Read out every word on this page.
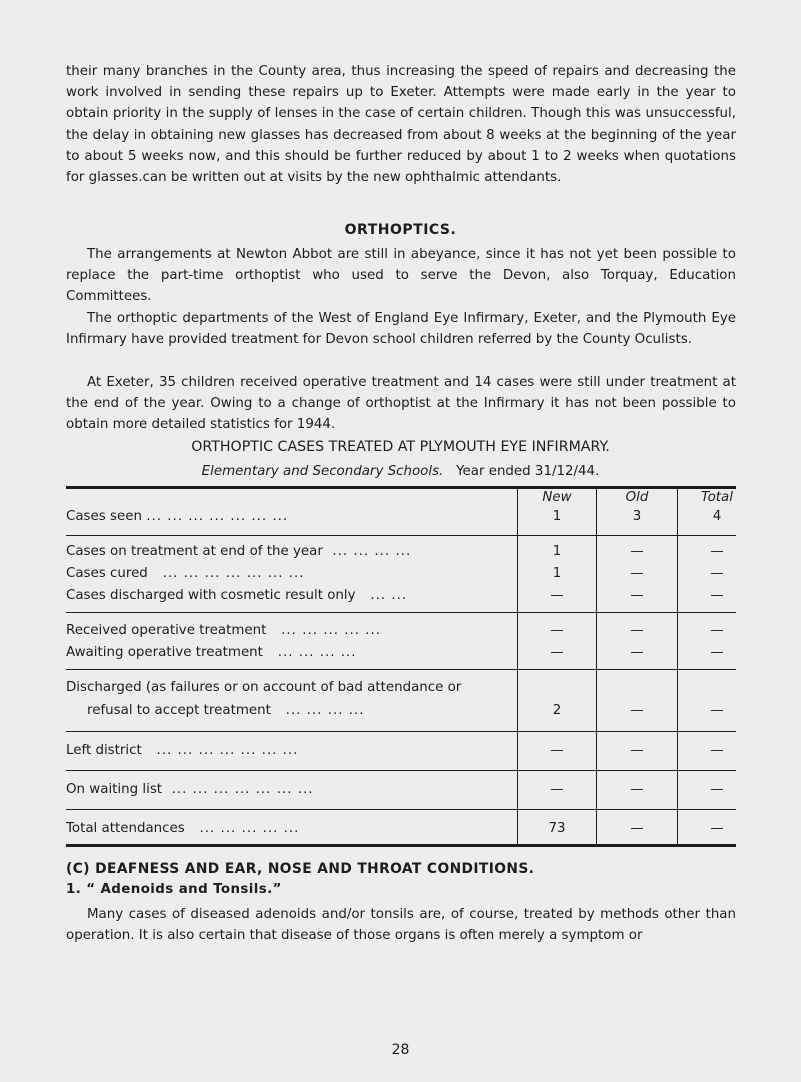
their many branches in the County area, thus increasing the speed of repairs and decreasing the work involved in sending these repairs up to Exeter. Attempts were made early in the year to obtain priority in the supply of lenses in the case of certain children. Though this was unsuccessful, the delay in obtaining new glasses has decreased from about 8 weeks at the beginning of the year to about 5 weeks now, and this should be further reduced by about 1 to 2 weeks when quotations for glasses.can be written out at visits by the new ophthalmic attendants.

ORTHOPTICS.

The arrangements at Newton Abbot are still in abeyance, since it has not yet been possible to replace the part-time orthoptist who used to serve the Devon, also Torquay, Education Committees.

The orthoptic departments of the West of England Eye Infirmary, Exeter, and the Plymouth Eye Infirmary have provided treatment for Devon school children referred by the County Oculists.

At Exeter, 35 children received operative treatment and 14 cases were still under treatment at the end of the year. Owing to a change of orthoptist at the Infirmary it has not been possible to obtain more detailed statistics for 1944.

ORTHOPTIC CASES TREATED AT PLYMOUTH EYE INFIRMARY.

Elementary and Secondary Schools. Year ended 31/12/44.

New	Old	Total
Cases seen ... ... ... ... ... ... ...	1	3	4
Cases on treatment at end of the year  ... ... ... ...	1	—	—
Cases cured   ... ... ... ... ... ... ...	1	—	—
Cases discharged with cosmetic result only   ... ...	—	—	—
Received operative treatment   ... ... ... ... ...	—	—	—
Awaiting operative treatment   ... ... ... ...	—	—	—
Discharged (as failures or on account of bad attendance or
refusal to accept treatment   ... ... ... ...	2	—	—
Left district   ... ... ... ... ... ... ...	—	—	—
On waiting list  ... ... ... ... ... ... ...	—	—	—
Total attendances   ... ... ... ... ...	73	—	—

(C) DEAFNESS AND EAR, NOSE AND THROAT CONDITIONS.

1. “ Adenoids and Tonsils.”

Many cases of diseased adenoids and/or tonsils are, of course, treated by methods other than operation. It is also certain that disease of those organs is often merely a symptom or

28
